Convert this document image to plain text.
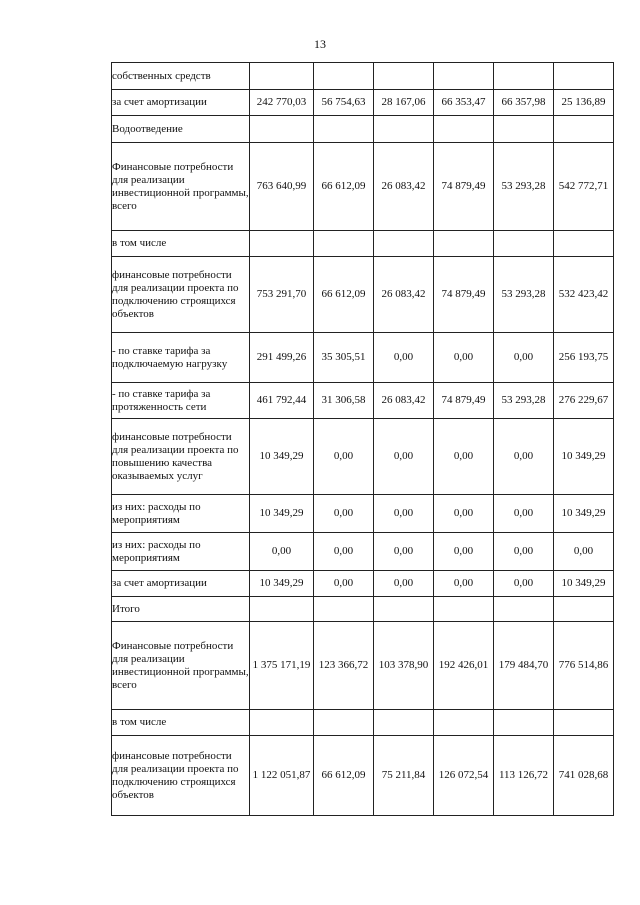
13
собственных средств						
за счет амортизации	242 770,03	56 754,63	28 167,06	66 353,47	66 357,98	25 136,89
Водоотведение						
Финансовые потребности для реализации инвестиционной программы, всего	763 640,99	66 612,09	26 083,42	74 879,49	53 293,28	542 772,71
в том числе						
финансовые потребности для реализации проекта по подключению строящихся объектов	753 291,70	66 612,09	26 083,42	74 879,49	53 293,28	532 423,42
- по ставке тарифа за подключаемую нагрузку	291 499,26	35 305,51	0,00	0,00	0,00	256 193,75
- по ставке тарифа за протяженность сети	461 792,44	31 306,58	26 083,42	74 879,49	53 293,28	276 229,67
финансовые потребности для реализации проекта по повышению качества оказываемых услуг	10 349,29	0,00	0,00	0,00	0,00	10 349,29
из них: расходы по мероприятиям	10 349,29	0,00	0,00	0,00	0,00	10 349,29
из них: расходы по мероприятиям	0,00	0,00	0,00	0,00	0,00	0,00
за счет амортизации	10 349,29	0,00	0,00	0,00	0,00	10 349,29
Итого						
Финансовые потребности для реализации инвестиционной программы, всего	1 375 171,19	123 366,72	103 378,90	192 426,01	179 484,70	776 514,86
в том числе						
финансовые потребности для реализации проекта по подключению строящихся объектов	1 122 051,87	66 612,09	75 211,84	126 072,54	113 126,72	741 028,68
